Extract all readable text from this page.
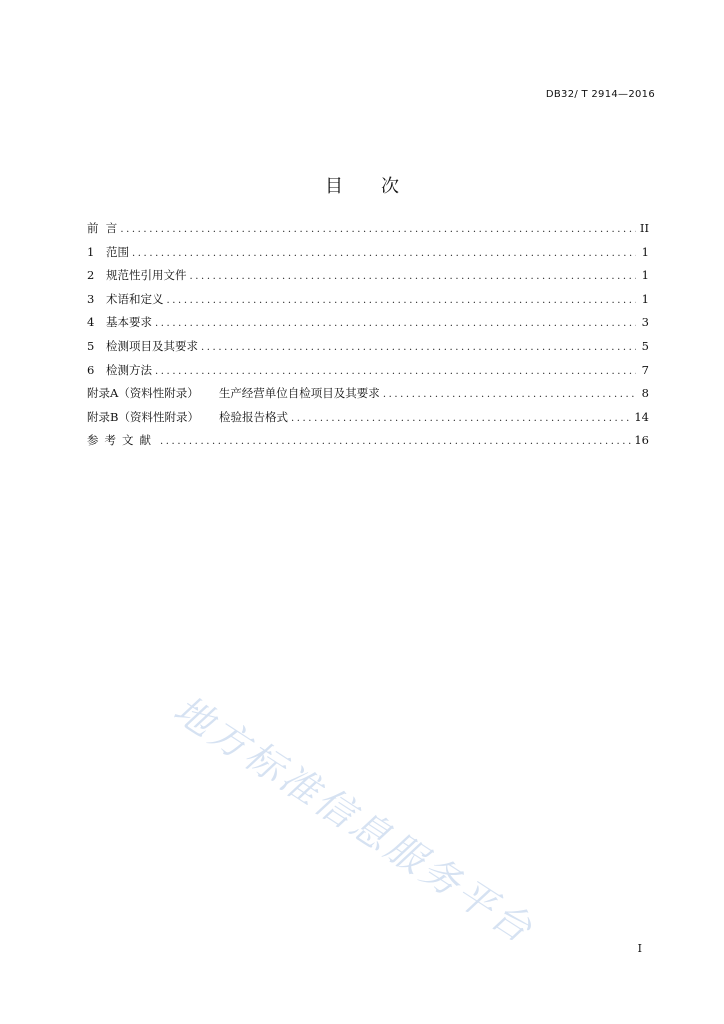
DB32/ T 2914—2016
目 次
前  言 .....	II
1	范围 .....	1
2	规范性引用文件 .....	1
3	术语和定义 .....	1
4	基本要求 .....	3
5	检测项目及其要求 .....	5
6	检测方法 .....	7
附录A（资料性附录） 生产经营单位自检项目及其要求 .....	8
附录B（资料性附录） 检验报告格式 .....	14
参考文献 .....	16
地方标准信息服务平台	I
